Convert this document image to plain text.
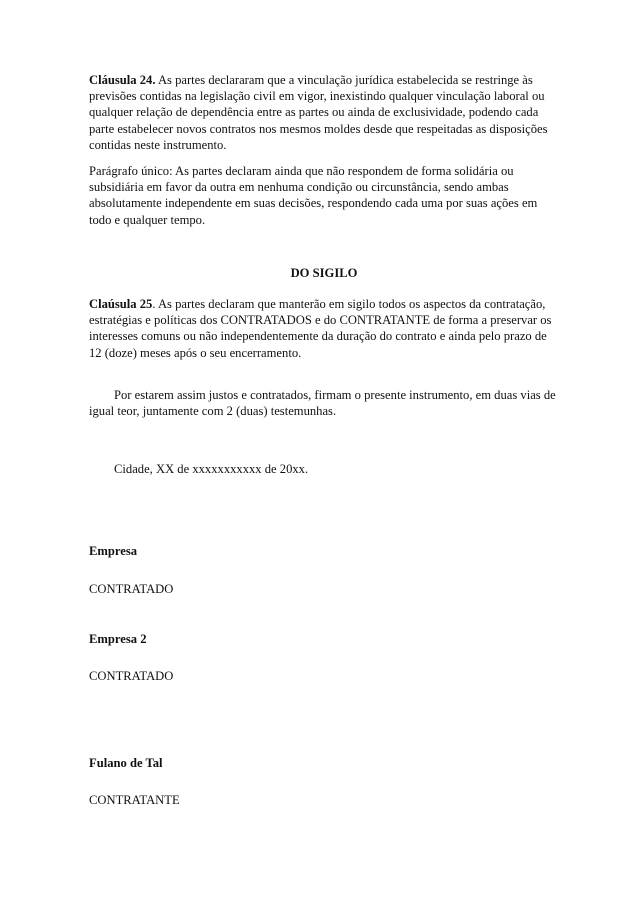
Cláusula 24. As partes declararam que a vinculação jurídica estabelecida se restringe às previsões contidas na legislação civil em vigor, inexistindo qualquer vinculação laboral ou qualquer relação de dependência entre as partes ou ainda de exclusividade, podendo cada parte estabelecer novos contratos nos mesmos moldes desde que respeitadas as disposições contidas neste instrumento.

Parágrafo único: As partes declaram ainda que não respondem de forma solidária ou subsidiária em favor da outra em nenhuma condição ou circunstância, sendo ambas absolutamente independente em suas decisões, respondendo cada uma por suas ações em todo e qualquer tempo.

DO SIGILO

Claúsula 25. As partes declaram que manterão em sigilo todos os aspectos da contratação, estratégias e políticas dos CONTRATADOS e do CONTRATANTE de forma a preservar os interesses comuns ou não independentemente da duração do contrato e ainda pelo prazo de 12 (doze) meses após o seu encerramento.

Por estarem assim justos e contratados, firmam o presente instrumento, em duas vias de igual teor, juntamente com 2 (duas) testemunhas.

Cidade, XX de xxxxxxxxxxx de 20xx.

Empresa

CONTRATADO

Empresa 2

CONTRATADO

Fulano de Tal

CONTRATANTE
